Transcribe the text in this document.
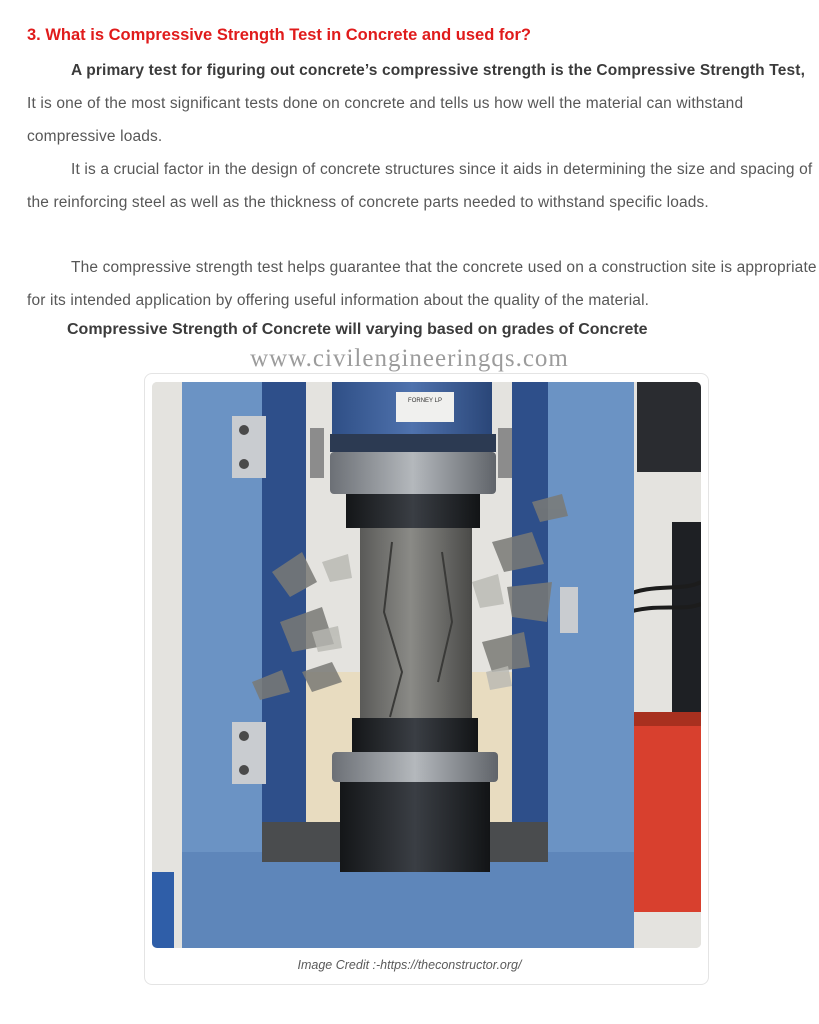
3. What is Compressive Strength Test in Concrete and used for?

A primary test for figuring out concrete’s compressive strength is the Compressive Strength Test, It is one of the most significant tests done on concrete and tells us how well the material can withstand compressive loads.

It is a crucial factor in the design of concrete structures since it aids in determining the size and spacing of the reinforcing steel as well as the thickness of concrete parts needed to withstand specific loads.

The compressive strength test helps guarantee that the concrete used on a construction site is appropriate for its intended application by offering useful information about the quality of the material.

Compressive Strength of Concrete will varying based on grades of Concrete

www.civilengineeringqs.com
FORNEY LP
Image Credit :-https://theconstructor.org/
